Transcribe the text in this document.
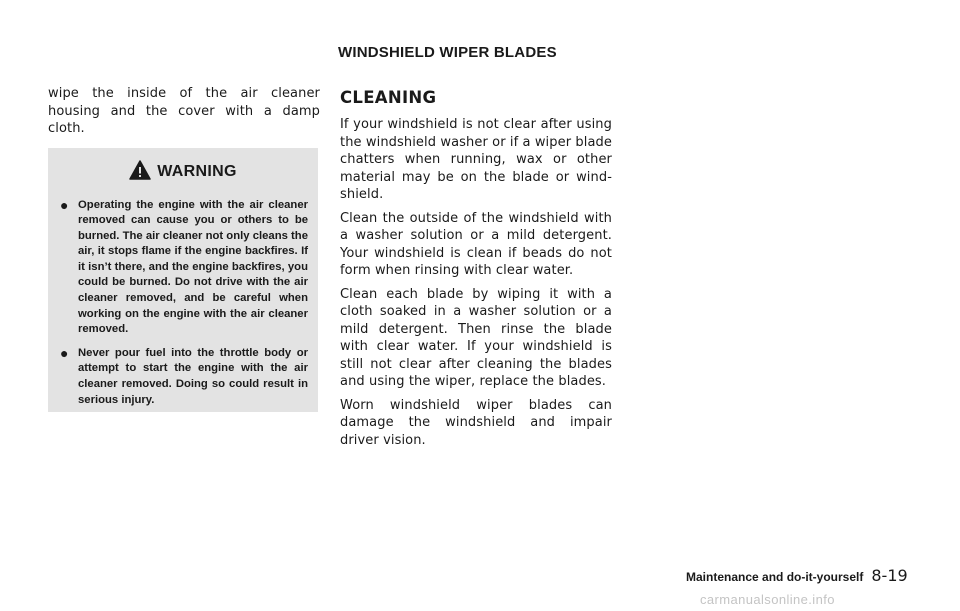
WINDSHIELD WIPER BLADES

wipe the inside of the air cleaner housing and the cover with a damp cloth.

WARNING
● Operating the engine with the air cleaner removed can cause you or others to be burned. The air cleaner not only cleans the air, it stops flame if the engine backfires. If it isn’t there, and the engine backfires, you could be burned. Do not drive with the air cleaner removed, and be careful when working on the engine with the air cleaner removed.
● Never pour fuel into the throttle body or attempt to start the engine with the air cleaner removed. Doing so could result in serious injury.
CLEANING

If your windshield is not clear after using the windshield washer or if a wiper blade chatters when running, wax or other material may be on the blade or wind-shield.

Clean the outside of the windshield with a washer solution or a mild detergent. Your windshield is clean if beads do not form when rinsing with clear water.

Clean each blade by wiping it with a cloth soaked in a washer solution or a mild detergent. Then rinse the blade with clear water. If your windshield is still not clear after cleaning the blades and using the wiper, replace the blades.

Worn windshield wiper blades can damage the windshield and impair driver vision.

Maintenance and do-it-yourself 8-19
carmanualsonline.info
